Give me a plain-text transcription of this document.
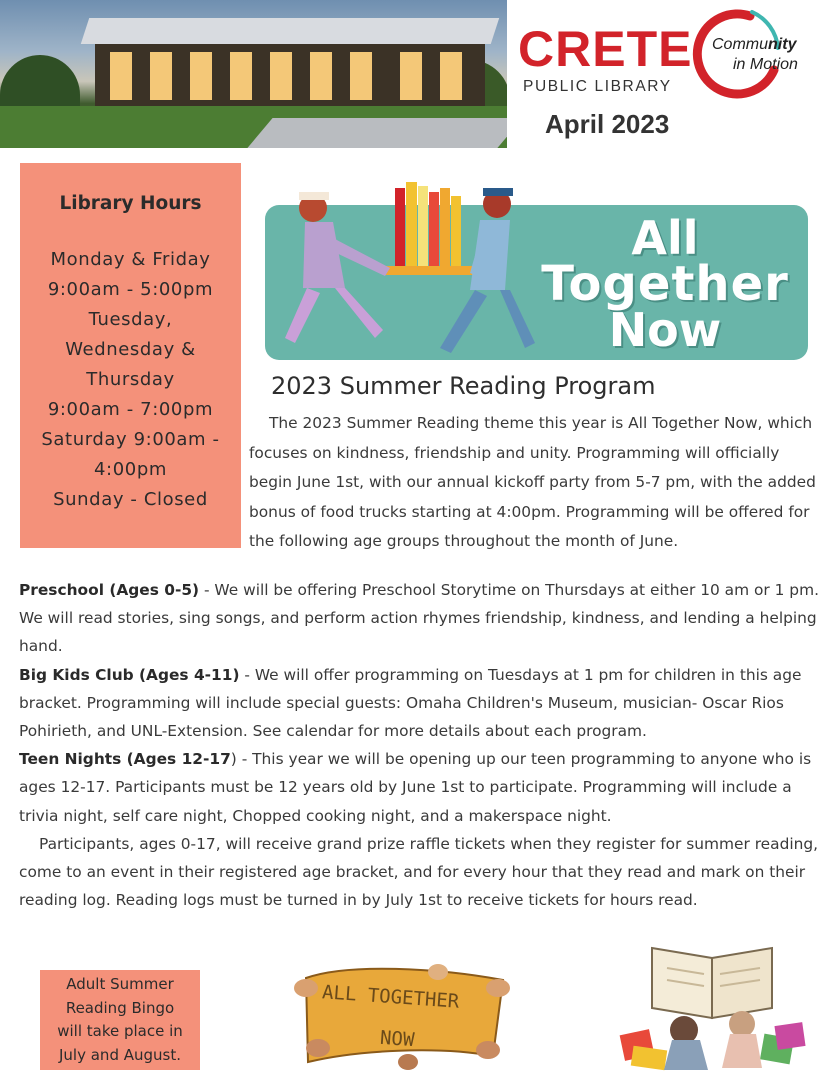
CRETE
PUBLIC LIBRARY
Community
in Motion
April 2023
Library Hours
Monday & Friday
9:00am - 5:00pm
Tuesday,
Wednesday &
Thursday
9:00am - 7:00pm
Saturday 9:00am -
4:00pm
Sunday - Closed
All
Together
Now
2023 Summer Reading Program

The 2023 Summer Reading theme this year is All Together Now, which focuses on kindness, friendship and unity. Programming will officially begin June 1st, with our annual kickoff party from 5-7 pm, with the added bonus of food trucks starting at 4:00pm. Programming will be offered for the following age groups throughout the month of June.

Preschool (Ages 0-5) - We will be offering Preschool Storytime on Thursdays at either 10 am or 1 pm. We will read stories, sing songs, and perform action rhymes friendship, kindness, and lending a helping hand.

Big Kids Club (Ages 4-11) - We will offer programming on Tuesdays at 1 pm for children in this age bracket. Programming will include special guests: Omaha Children's Museum, musician- Oscar Rios Pohirieth, and UNL-Extension. See calendar for more details about each program.

Teen Nights (Ages 12-17) - This year we will be opening up our teen programming to anyone who is ages 12-17. Participants must be 12 years old by June 1st to participate. Programming will include a trivia night, self care night, Chopped cooking night, and a makerspace night.

Participants, ages 0-17, will receive grand prize raffle tickets when they register for summer reading, come to an event in their registered age bracket, and for every hour that they read and mark on their reading log. Reading logs must be turned in by July 1st to receive tickets for hours read.

Adult Summer
Reading Bingo
will take place in
July and August.
ALL TOGETHER
NOW
